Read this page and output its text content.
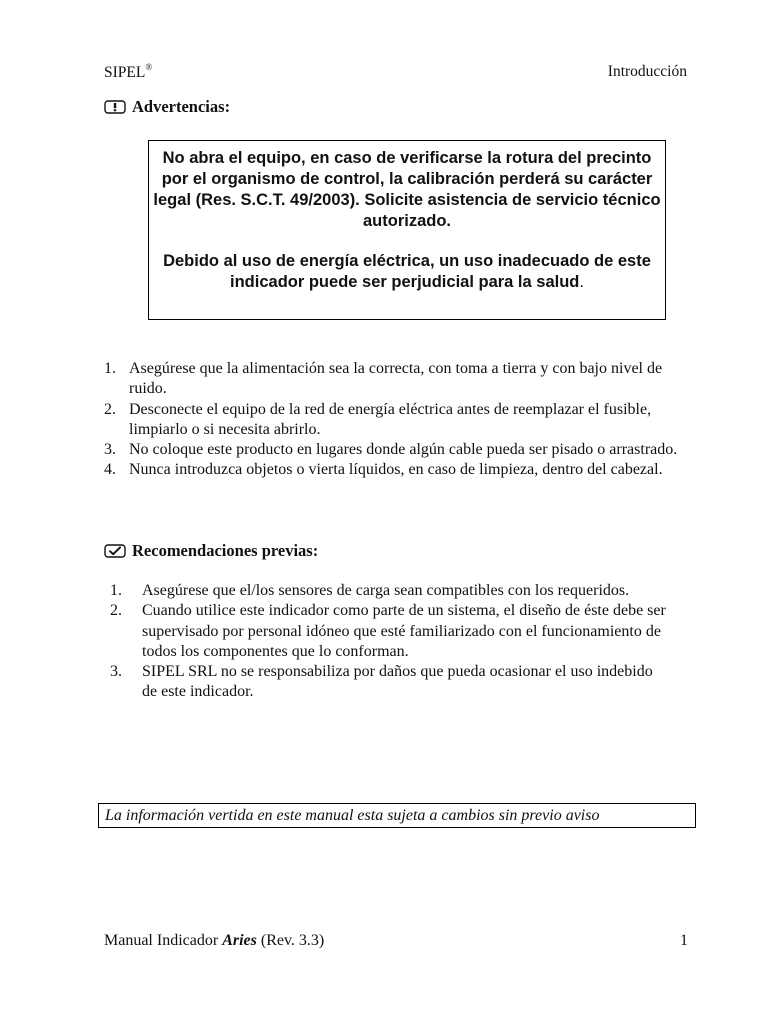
SIPEL®	Introducción
Advertencias:

No abra el equipo, en caso de verificarse la rotura del precinto por el organismo de control, la calibración perderá su carácter legal (Res. S.C.T. 49/2003). Solicite asistencia de servicio técnico autorizado.

Debido al uso de energía eléctrica, un uso inadecuado de este indicador puede ser perjudicial para la salud.

1. Asegúrese que la alimentación sea la correcta, con toma a tierra y con bajo nivel de ruido.
2. Desconecte el equipo de la red de energía eléctrica antes de reemplazar el fusible, limpiarlo o si necesita abrirlo.
3. No coloque este producto en lugares donde algún cable pueda ser pisado o arrastrado.
4. Nunca introduzca objetos o vierta líquidos, en caso de limpieza, dentro del cabezal.
Recomendaciones previas:
1. Asegúrese que el/los sensores de carga sean compatibles con los requeridos.
2. Cuando utilice este indicador como parte de un sistema, el diseño de éste debe ser supervisado por personal idóneo que esté familiarizado con el funcionamiento de todos los componentes que lo conforman.
3. SIPEL SRL no se responsabiliza por daños que pueda ocasionar el uso indebido de este indicador.
La información vertida en este manual esta sujeta a cambios sin previo aviso
Manual Indicador Aries (Rev. 3.3)	1
